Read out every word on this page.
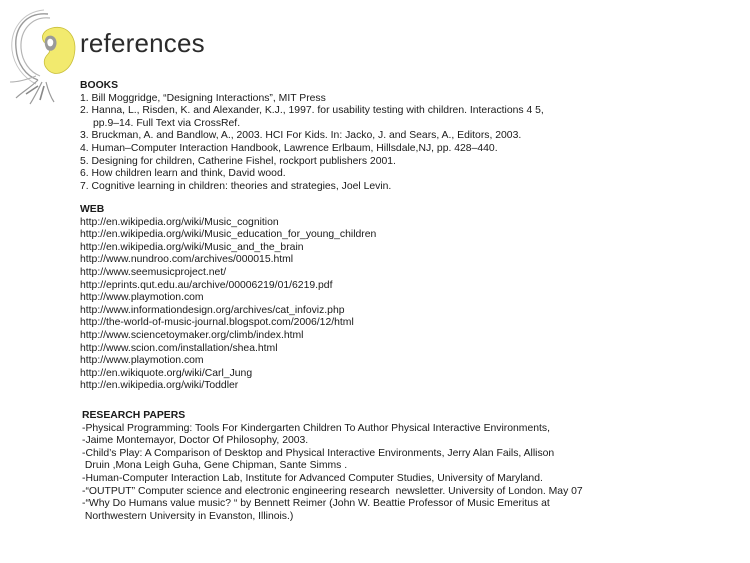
references
BOOKS
1. Bill Moggridge, “Designing Interactions”, MIT Press
2. Hanna, L., Risden, K. and Alexander, K.J., 1997. for usability testing with children. Interactions 4 5,
pp.9–14. Full Text via CrossRef.
3. Bruckman, A. and Bandlow, A., 2003. HCI For Kids. In: Jacko, J. and Sears, A., Editors, 2003.
4. Human–Computer Interaction Handbook, Lawrence Erlbaum, Hillsdale,NJ, pp. 428–440.
5. Designing for children, Catherine Fishel, rockport publishers 2001.
6. How children learn and think, David wood.
7. Cognitive learning in children: theories and strategies, Joel Levin.
WEB
http://en.wikipedia.org/wiki/Music_cognition
http://en.wikipedia.org/wiki/Music_education_for_young_children
http://en.wikipedia.org/wiki/Music_and_the_brain
http://www.nundroo.com/archives/000015.html
http://www.seemusicproject.net/
http://eprints.qut.edu.au/archive/00006219/01/6219.pdf
http://www.playmotion.com
http://www.informationdesign.org/archives/cat_infoviz.php
http://the-world-of-music-journal.blogspot.com/2006/12/html
http://www.sciencetoymaker.org/climb/index.html
http://www.scion.com/installation/shea.html
http://www.playmotion.com
http://en.wikiquote.org/wiki/Carl_Jung
http://en.wikipedia.org/wiki/Toddler
RESEARCH PAPERS
-Physical Programming: Tools For Kindergarten Children To Author Physical Interactive Environments,
-Jaime Montemayor, Doctor Of Philosophy, 2003.
-Child’s Play: A Comparison of Desktop and Physical Interactive Environments, Jerry Alan Fails, Allison
Druin ,Mona Leigh Guha, Gene Chipman, Sante Simms .
-Human-Computer Interaction Lab, Institute for Advanced Computer Studies, University of Maryland.
-“OUTPUT” Computer science and electronic engineering research  newsletter. University of London. May 07
-“Why Do Humans value music? “ by Bennett Reimer (John W. Beattie Professor of Music Emeritus at
Northwestern University in Evanston, Illinois.)
